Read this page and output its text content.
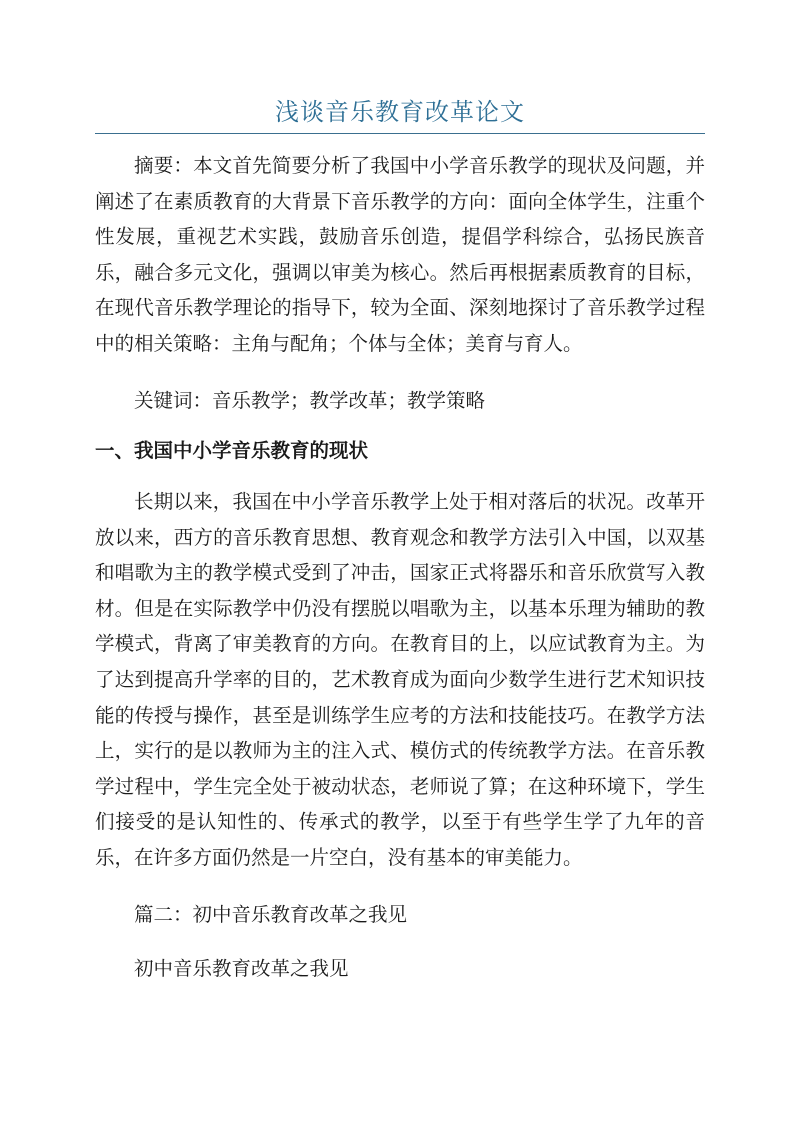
浅谈音乐教育改革论文

摘要：本文首先简要分析了我国中小学音乐教学的现状及问题，并阐述了在素质教育的大背景下音乐教学的方向：面向全体学生，注重个性发展，重视艺术实践，鼓励音乐创造，提倡学科综合，弘扬民族音乐，融合多元文化，强调以审美为核心。然后再根据素质教育的目标，在现代音乐教学理论的指导下，较为全面、深刻地探讨了音乐教学过程中的相关策略：主角与配角；个体与全体；美育与育人。

关键词：音乐教学；教学改革；教学策略

一、我国中小学音乐教育的现状

长期以来，我国在中小学音乐教学上处于相对落后的状况。改革开放以来，西方的音乐教育思想、教育观念和教学方法引入中国，以双基和唱歌为主的教学模式受到了冲击，国家正式将器乐和音乐欣赏写入教材。但是在实际教学中仍没有摆脱以唱歌为主，以基本乐理为辅助的教学模式，背离了审美教育的方向。在教育目的上，以应试教育为主。为了达到提高升学率的目的，艺术教育成为面向少数学生进行艺术知识技能的传授与操作，甚至是训练学生应考的方法和技能技巧。在教学方法上，实行的是以教师为主的注入式、模仿式的传统教学方法。在音乐教学过程中，学生完全处于被动状态，老师说了算；在这种环境下，学生们接受的是认知性的、传承式的教学，以至于有些学生学了九年的音乐，在许多方面仍然是一片空白，没有基本的审美能力。

篇二：初中音乐教育改革之我见

初中音乐教育改革之我见
